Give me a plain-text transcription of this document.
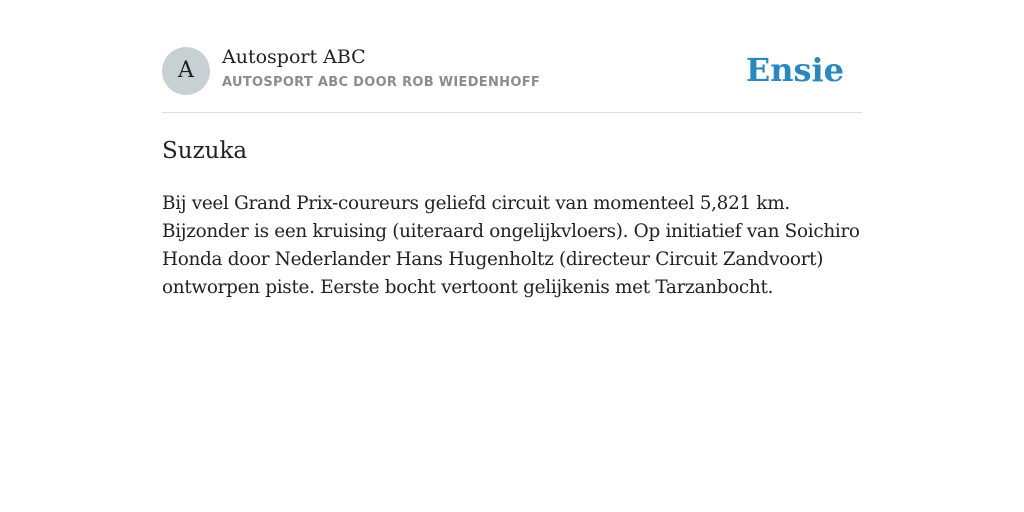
A
Autosport ABC
AUTOSPORT ABC DOOR ROB WIEDENHOFF	Ensie
Suzuka

Bij veel Grand Prix-coureurs geliefd circuit van momenteel 5,821 km. Bijzonder is een kruising (uiteraard ongelijkvloers). Op initiatief van Soichiro Honda door Nederlander Hans Hugenholtz (directeur Circuit Zandvoort) ontworpen piste. Eerste bocht vertoont gelijkenis met Tarzanbocht.
